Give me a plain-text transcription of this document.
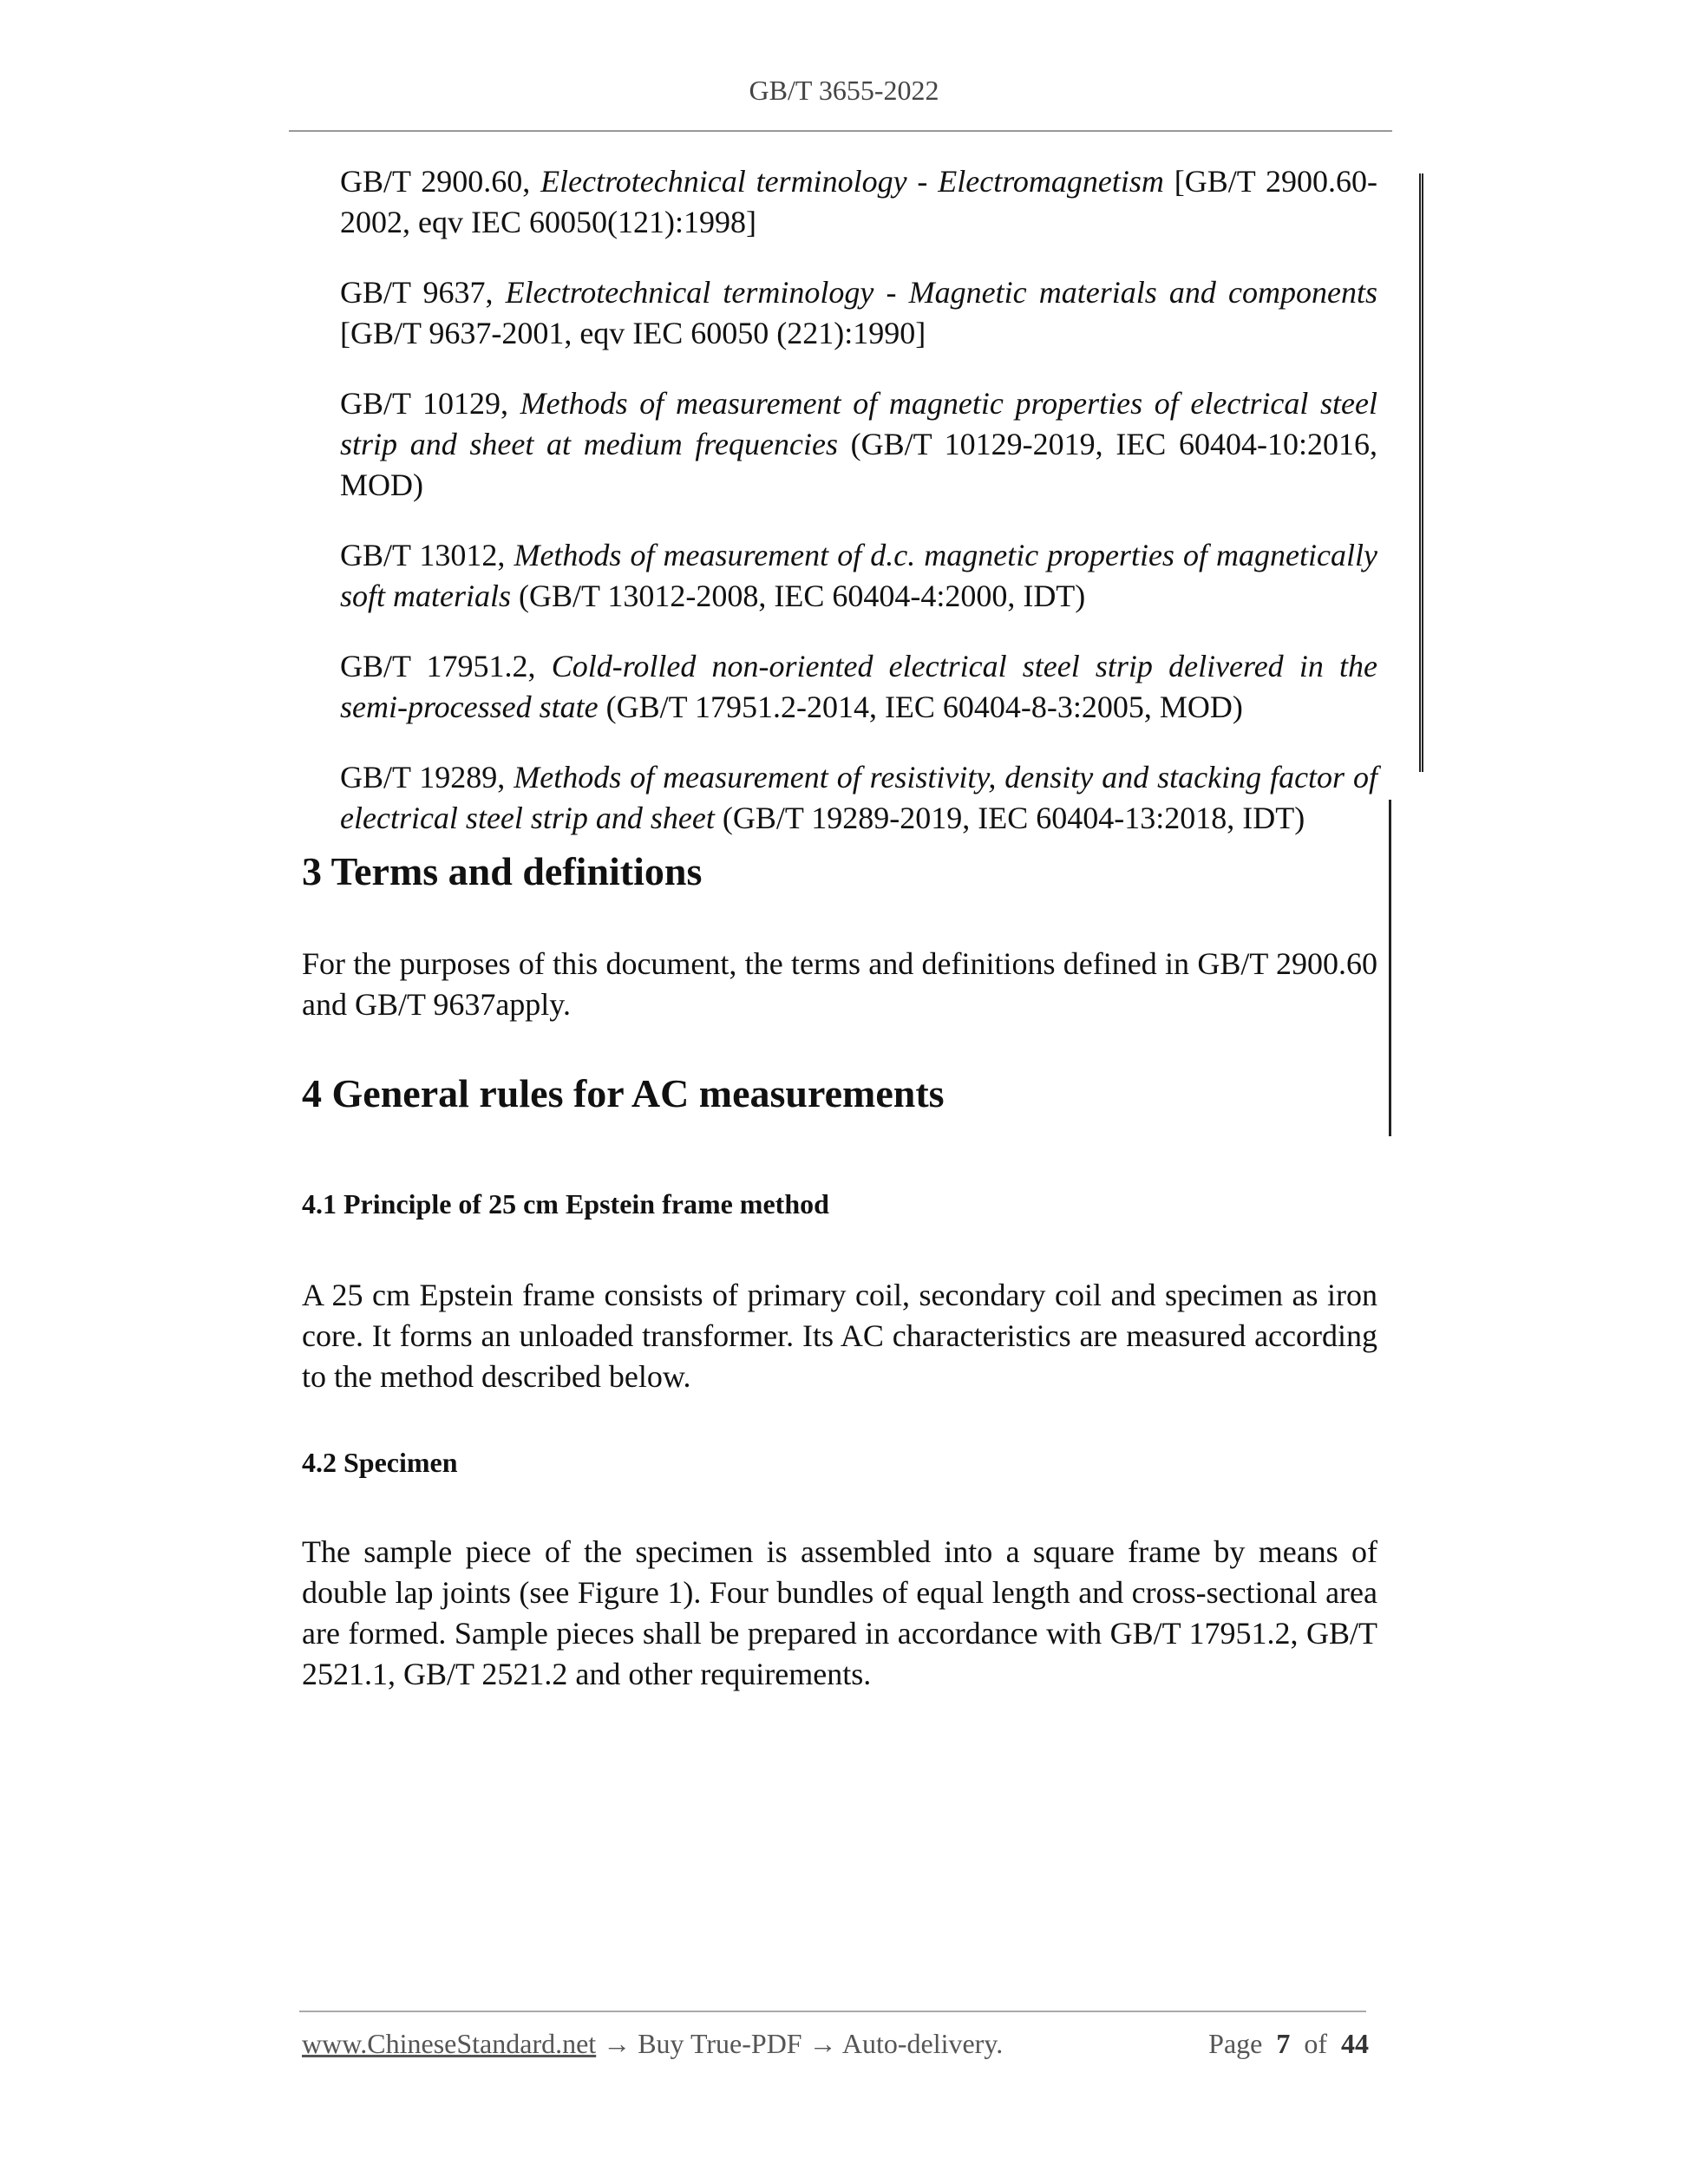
GB/T 3655-2022

GB/T 2900.60, Electrotechnical terminology - Electromagnetism [GB/T 2900.60-2002, eqv IEC 60050(121):1998]

GB/T 9637, Electrotechnical terminology - Magnetic materials and components [GB/T 9637-2001, eqv IEC 60050 (221):1990]

GB/T 10129, Methods of measurement of magnetic properties of electrical steel strip and sheet at medium frequencies (GB/T 10129-2019, IEC 60404-10:2016, MOD)

GB/T 13012, Methods of measurement of d.c. magnetic properties of magnetically soft materials (GB/T 13012-2008, IEC 60404-4:2000, IDT)

GB/T 17951.2, Cold-rolled non-oriented electrical steel strip delivered in the semi-processed state (GB/T 17951.2-2014, IEC 60404-8-3:2005, MOD)

GB/T 19289, Methods of measurement of resistivity, density and stacking factor of electrical steel strip and sheet (GB/T 19289-2019, IEC 60404-13:2018, IDT)

3 Terms and definitions

For the purposes of this document, the terms and definitions defined in GB/T 2900.60 and GB/T 9637apply.

4 General rules for AC measurements
4.1 Principle of 25 cm Epstein frame method

A 25 cm Epstein frame consists of primary coil, secondary coil and specimen as iron core. It forms an unloaded transformer. Its AC characteristics are measured according to the method described below.

4.2 Specimen

The sample piece of the specimen is assembled into a square frame by means of double lap joints (see Figure 1). Four bundles of equal length and cross-sectional area are formed. Sample pieces shall be prepared in accordance with GB/T 17951.2, GB/T 2521.1, GB/T 2521.2 and other requirements.

www.ChineseStandard.net → Buy True-PDF → Auto-delivery.	Page 7 of 44
